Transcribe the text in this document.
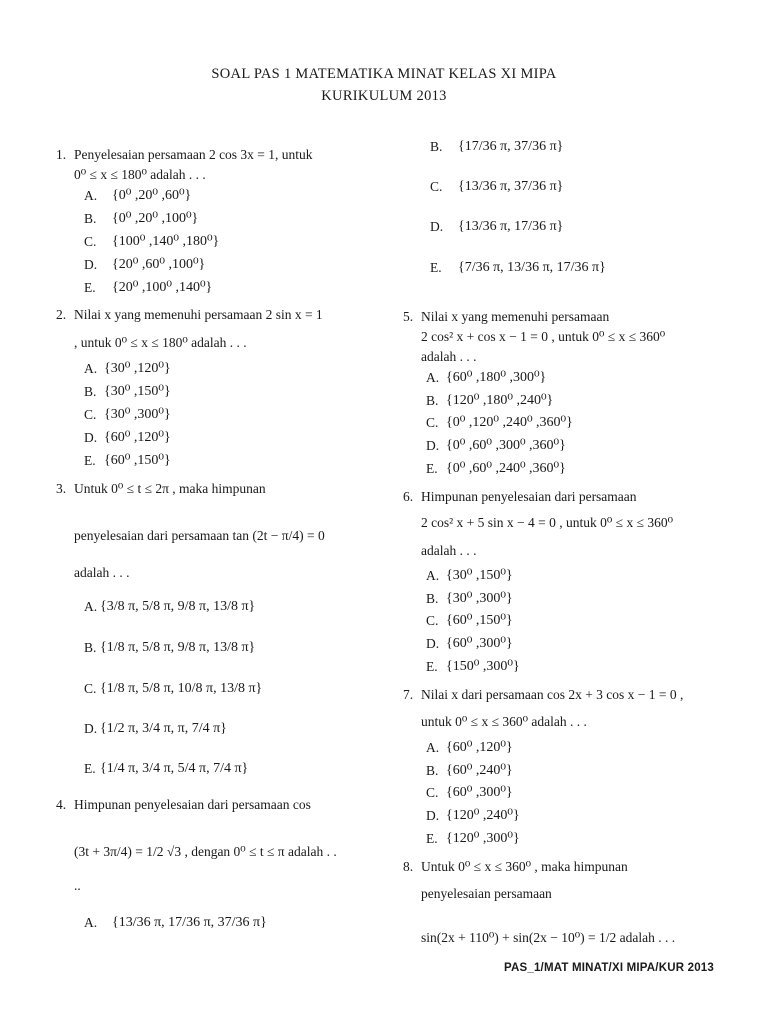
SOAL PAS 1 MATEMATIKA MINAT KELAS XI MIPA
KURIKULUM 2013
1. Penyelesaian persamaan 2 cos 3x = 1, untuk
0⁰ ≤ x ≤ 180⁰ adalah . . .
A. {0⁰ ,20⁰ ,60⁰}
B. {0⁰ ,20⁰ ,100⁰}
C. {100⁰ ,140⁰ ,180⁰}
D. {20⁰ ,60⁰ ,100⁰}
E. {20⁰ ,100⁰ ,140⁰}
2. Nilai x yang memenuhi persamaan 2 sin x = 1
, untuk 0⁰ ≤ x ≤ 180⁰ adalah . . .
A. {30⁰ ,120⁰}
B. {30⁰ ,150⁰}
C. {30⁰ ,300⁰}
D. {60⁰ ,120⁰}
E. {60⁰ ,150⁰}
3. Untuk 0⁰ ≤ t ≤ 2π , maka himpunan
penyelesaian dari persamaan tan (2t − π/4) = 0
adalah . . .
A. {3/8 π, 5/8 π, 9/8 π, 13/8 π}
B. {1/8 π, 5/8 π, 9/8 π, 13/8 π}
C. {1/8 π, 5/8 π, 10/8 π, 13/8 π}
D. {1/2 π, 3/4 π, π, 7/4 π}
E. {1/4 π, 3/4 π, 5/4 π, 7/4 π}
4. Himpunan penyelesaian dari persamaan cos
(3t + 3π/4) = 1/2 √3 , dengan 0⁰ ≤ t ≤ π adalah . .
..
A. {13/36 π, 17/36 π, 37/36 π}
B. {17/36 π, 37/36 π}
C. {13/36 π, 37/36 π}
D. {13/36 π, 17/36 π}
E. {7/36 π, 13/36 π, 17/36 π}
5. Nilai x yang memenuhi persamaan
2 cos² x + cos x − 1 = 0 , untuk 0⁰ ≤ x ≤ 360⁰
adalah . . .
A. {60⁰ ,180⁰ ,300⁰}
B. {120⁰ ,180⁰ ,240⁰}
C. {0⁰ ,120⁰ ,240⁰ ,360⁰}
D. {0⁰ ,60⁰ ,300⁰ ,360⁰}
E. {0⁰ ,60⁰ ,240⁰ ,360⁰}
6. Himpunan penyelesaian dari persamaan
2 cos² x + 5 sin x − 4 = 0 , untuk 0⁰ ≤ x ≤ 360⁰
adalah . . .
A. {30⁰ ,150⁰}
B. {30⁰ ,300⁰}
C. {60⁰ ,150⁰}
D. {60⁰ ,300⁰}
E. {150⁰ ,300⁰}
7. Nilai x dari persamaan cos 2x + 3 cos x − 1 = 0 ,
untuk 0⁰ ≤ x ≤ 360⁰ adalah . . .
A. {60⁰ ,120⁰}
B. {60⁰ ,240⁰}
C. {60⁰ ,300⁰}
D. {120⁰ ,240⁰}
E. {120⁰ ,300⁰}
8. Untuk 0⁰ ≤ x ≤ 360⁰ , maka himpunan
penyelesaian persamaan
sin(2x + 110⁰) + sin(2x − 10⁰) = 1/2 adalah . . .
PAS_1/MAT MINAT/XI MIPA/KUR 2013
